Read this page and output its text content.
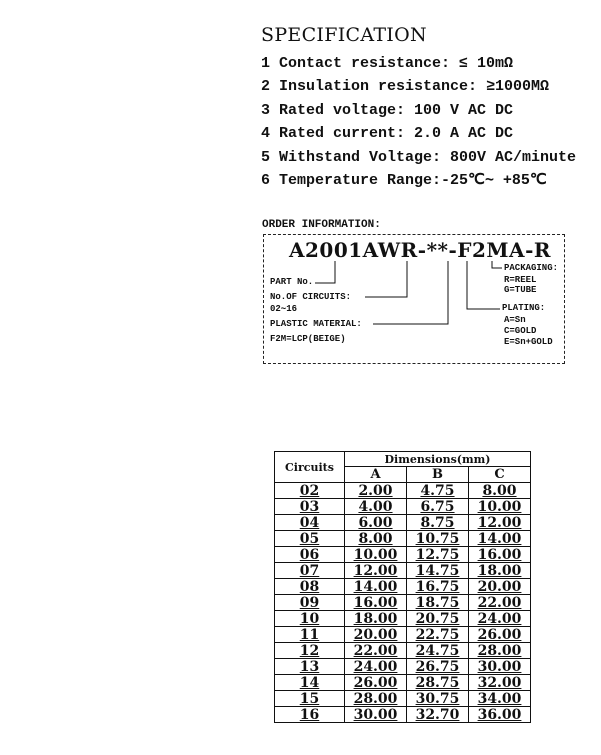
SPECIFICATION
1 Contact resistance: ≤ 10mΩ
2 Insulation resistance: ≥1000MΩ
3 Rated voltage: 100 V AC DC
4 Rated current: 2.0 A AC DC
5 Withstand Voltage: 800V AC/minute
6 Temperature Range:-25℃∼ +85℃
ORDER INFORMATION:
A2001AWR-**-F2MA-R
PART No.
No.OF CIRCUITS:
02∼16
PLASTIC MATERIAL:
F2M=LCP(BEIGE)
PACKAGING:
R=REEL
G=TUBE
PLATING:
A=Sn
C=GOLD
E=Sn+GOLD
Circuits	Dimensions(mm)		
	A	B	C
02	2.00	4.75	8.00
03	4.00	6.75	10.00
04	6.00	8.75	12.00
05	8.00	10.75	14.00
06	10.00	12.75	16.00
07	12.00	14.75	18.00
08	14.00	16.75	20.00
09	16.00	18.75	22.00
10	18.00	20.75	24.00
11	20.00	22.75	26.00
12	22.00	24.75	28.00
13	24.00	26.75	30.00
14	26.00	28.75	32.00
15	28.00	30.75	34.00
16	30.00	32.70	36.00
